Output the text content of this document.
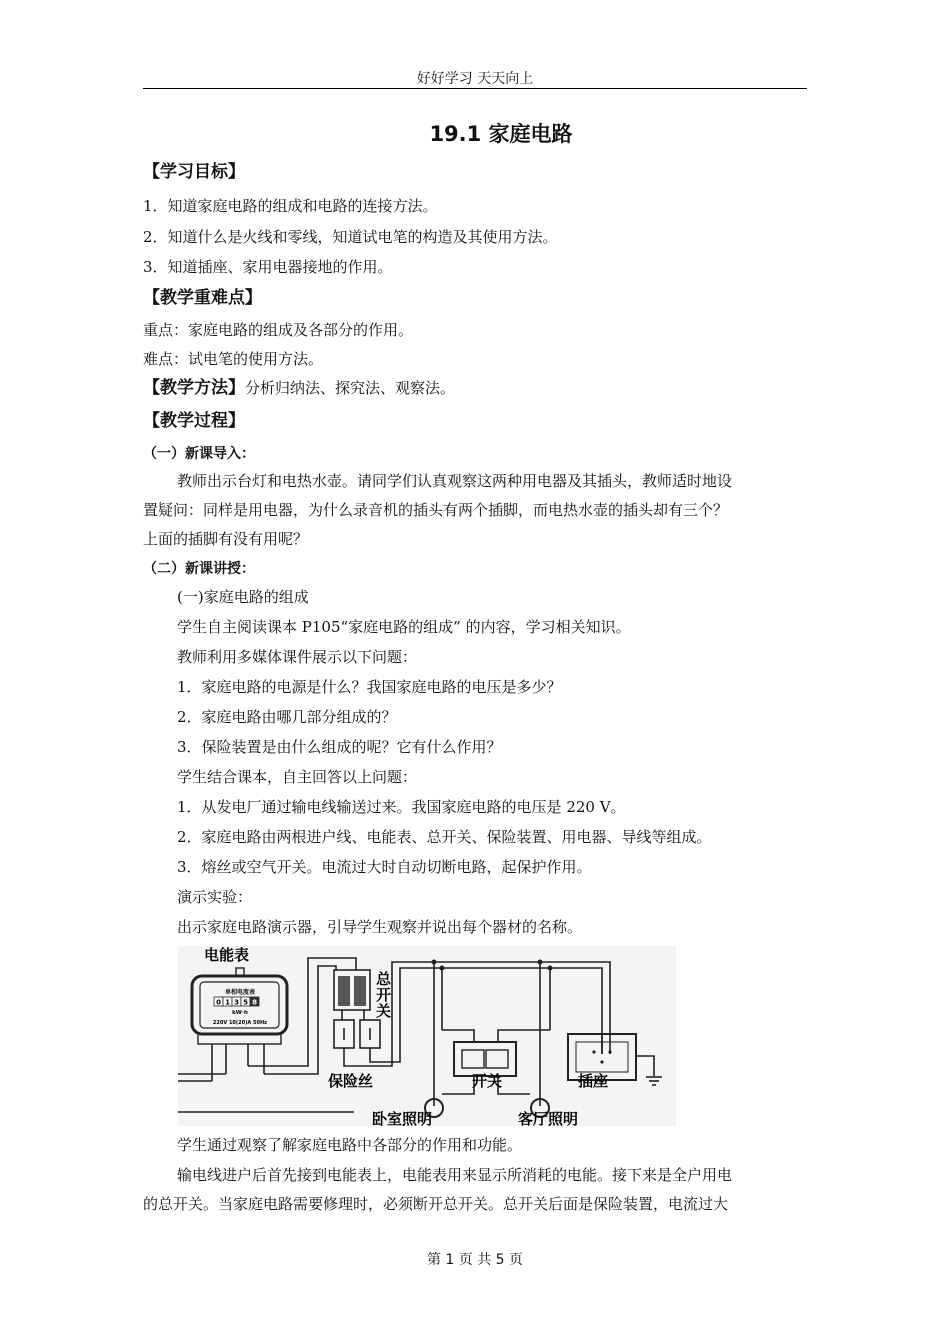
好好学习 天天向上
19.1 家庭电路
【学习目标】
1．知道家庭电路的组成和电路的连接方法。
2．知道什么是火线和零线，知道试电笔的构造及其使用方法。
3．知道插座、家用电器接地的作用。
【教学重难点】
重点：家庭电路的组成及各部分的作用。
难点：试电笔的使用方法。
【教学方法】分析归纳法、探究法、观察法。
【教学过程】
（一）新课导入：
教师出示台灯和电热水壶。请同学们认真观察这两种用电器及其插头，教师适时地设
置疑问：同样是用电器，为什么录音机的插头有两个插脚，而电热水壶的插头却有三个？
上面的插脚有没有用呢？
（二）新课讲授：
(一)家庭电路的组成
学生自主阅读课本 P105“家庭电路的组成” 的内容，学习相关知识。
教师利用多媒体课件展示以下问题：
1．家庭电路的电源是什么？我国家庭电路的电压是多少？
2．家庭电路由哪几部分组成的？
3．保险装置是由什么组成的呢？它有什么作用？
学生结合课本，自主回答以上问题：
1．从发电厂通过输电线输送过来。我国家庭电路的电压是 220 V。
2．家庭电路由两根进户线、电能表、总开关、保险装置、用电器、导线等组成。
3．熔丝或空气开关。电流过大时自动切断电路，起保护作用。
演示实验：
出示家庭电路演示器，引导学生观察并说出每个器材的名称。
电能表
单相电度表
0 1 3 5 8
kW·h
220V 10(20)A 50Hz
总
开
关
保险丝	开关	插座
卧室照明	客厅照明
学生通过观察了解家庭电路中各部分的作用和功能。
输电线进户后首先接到电能表上，电能表用来显示所消耗的电能。接下来是全户用电
的总开关。当家庭电路需要修理时，必须断开总开关。总开关后面是保险装置，电流过大
第 1 页 共 5 页
